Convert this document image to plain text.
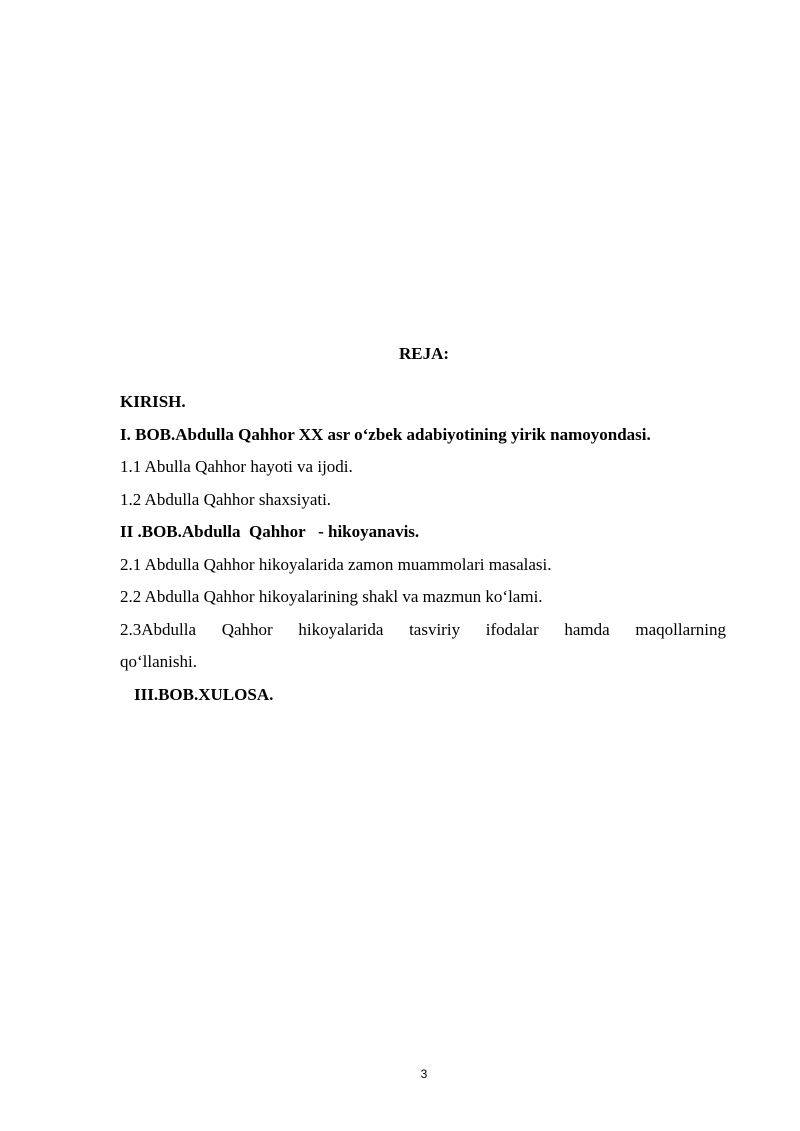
REJA:

KIRISH.
I. BOB.Abdulla Qahhor XX asr o‘zbek adabiyotining yirik namoyondasi.
1.1 Abulla Qahhor hayoti va ijodi.
1.2 Abdulla Qahhor shaxsiyati.
II .BOB.Abdulla  Qahhor   - hikoyanavis.
2.1 Abdulla Qahhor hikoyalarida zamon muammolari masalasi.
2.2 Abdulla Qahhor hikoyalarining shakl va mazmun ko‘lami.
2.3Abdulla Qahhor hikoyalarida tasviriy ifodalar hamda maqollarning
qo‘llanishi.
III.BOB.XULOSA.
3
